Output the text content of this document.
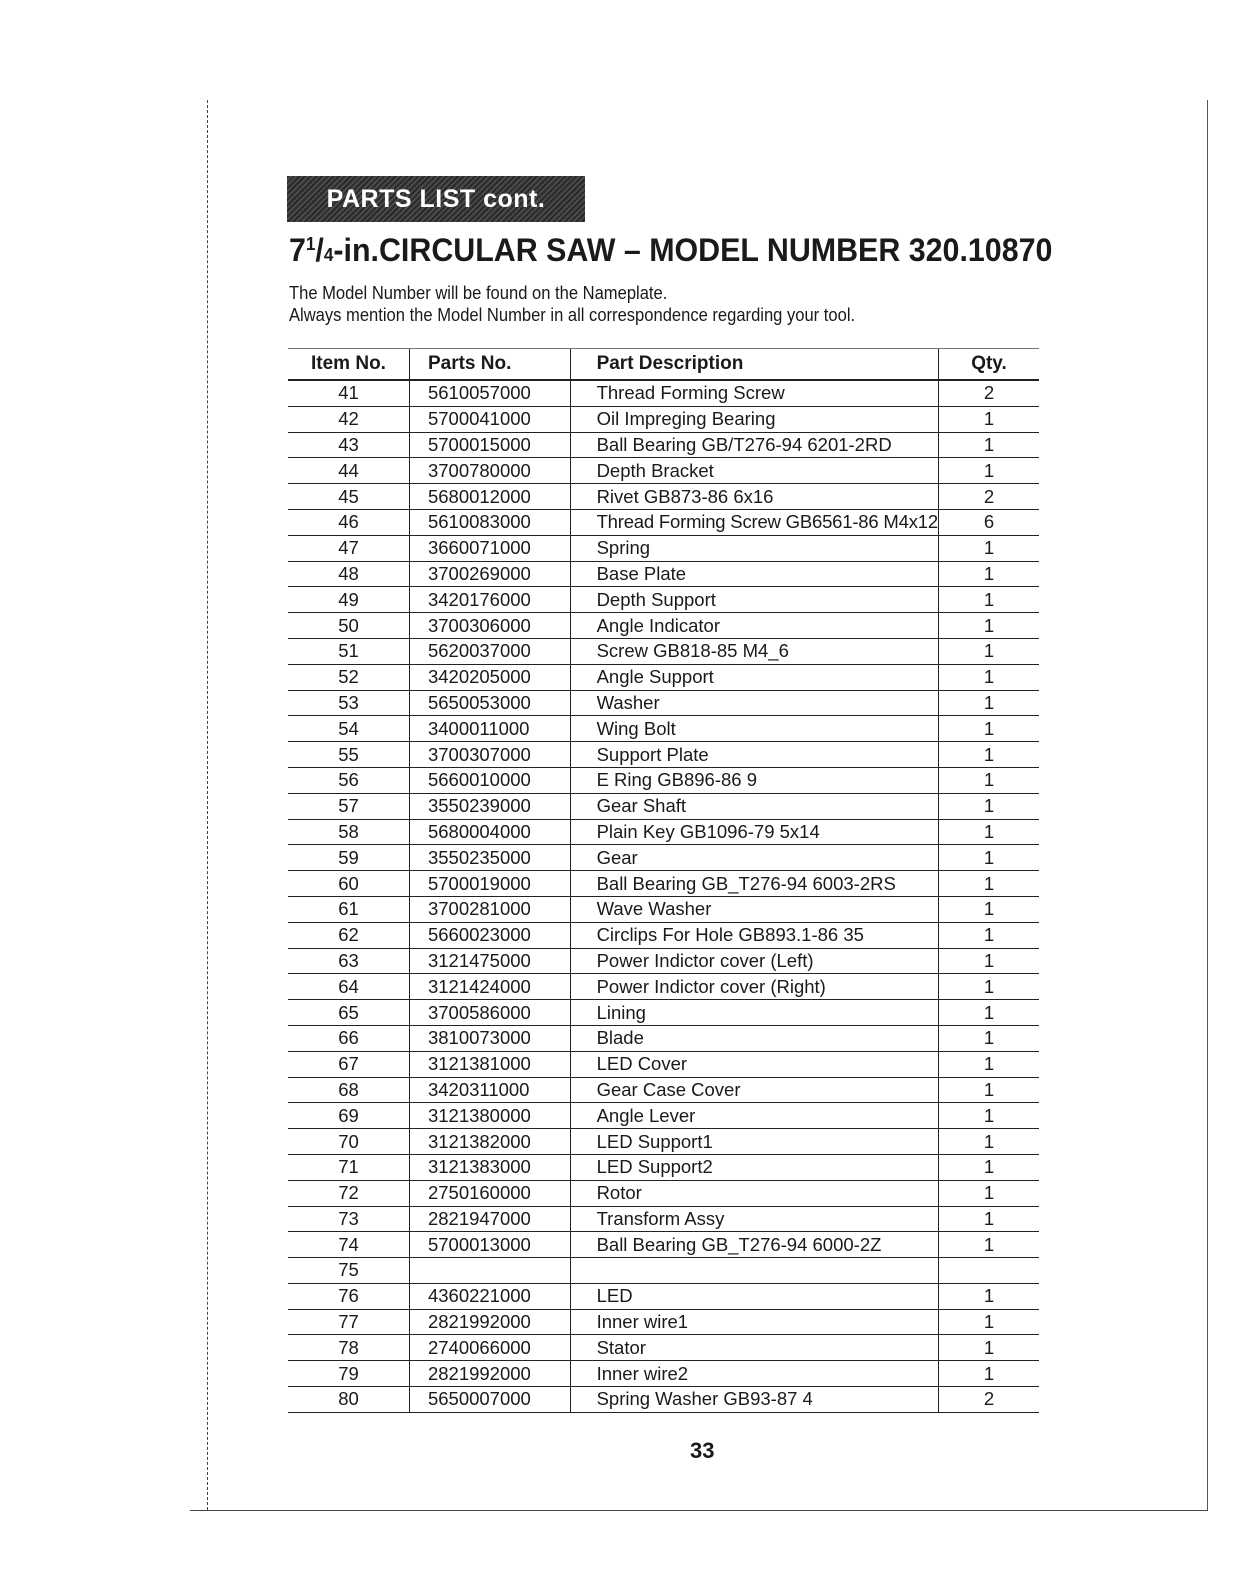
PARTS LIST cont.
$7^1/4-in.CIRCULAR$ SAW – MODEL NUMBER 320.10870
The Model Number will be found on the Nameplate.
Always mention the Model Number in all correspondence regarding your tool.
Item No.	Parts No.	Part Description	Qty.
41	5610057000	Thread Forming Screw	2
42	5700041000	Oil Impreging Bearing	1
43	5700015000	Ball Bearing GB/T276-94 6201-2RD	1
44	3700780000	Depth Bracket	1
45	5680012000	Rivet GB873-86 6x16	2
46	5610083000	Thread Forming Screw GB6561-86 M4x12	6
47	3660071000	Spring	1
48	3700269000	Base Plate	1
49	3420176000	Depth Support	1
50	3700306000	Angle Indicator	1
51	5620037000	Screw GB818-85 M4_6	1
52	3420205000	Angle Support	1
53	5650053000	Washer	1
54	3400011000	Wing Bolt	1
55	3700307000	Support Plate	1
56	5660010000	E Ring GB896-86 9	1
57	3550239000	Gear Shaft	1
58	5680004000	Plain Key GB1096-79 5x14	1
59	3550235000	Gear	1
60	5700019000	Ball Bearing GB_T276-94 6003-2RS	1
61	3700281000	Wave Washer	1
62	5660023000	Circlips For Hole GB893.1-86 35	1
63	3121475000	Power Indictor cover (Left)	1
64	3121424000	Power Indictor cover (Right)	1
65	3700586000	Lining	1
66	3810073000	Blade	1
67	3121381000	LED Cover	1
68	3420311000	Gear Case Cover	1
69	3121380000	Angle Lever	1
70	3121382000	LED Support1	1
71	3121383000	LED Support2	1
72	2750160000	Rotor	1
73	2821947000	Transform Assy	1
74	5700013000	Ball Bearing GB_T276-94 6000-2Z	1
75			
76	4360221000	LED	1
77	2821992000	Inner wire1	1
78	2740066000	Stator	1
79	2821992000	Inner wire2	1
80	5650007000	Spring Washer GB93-87 4	2
33
